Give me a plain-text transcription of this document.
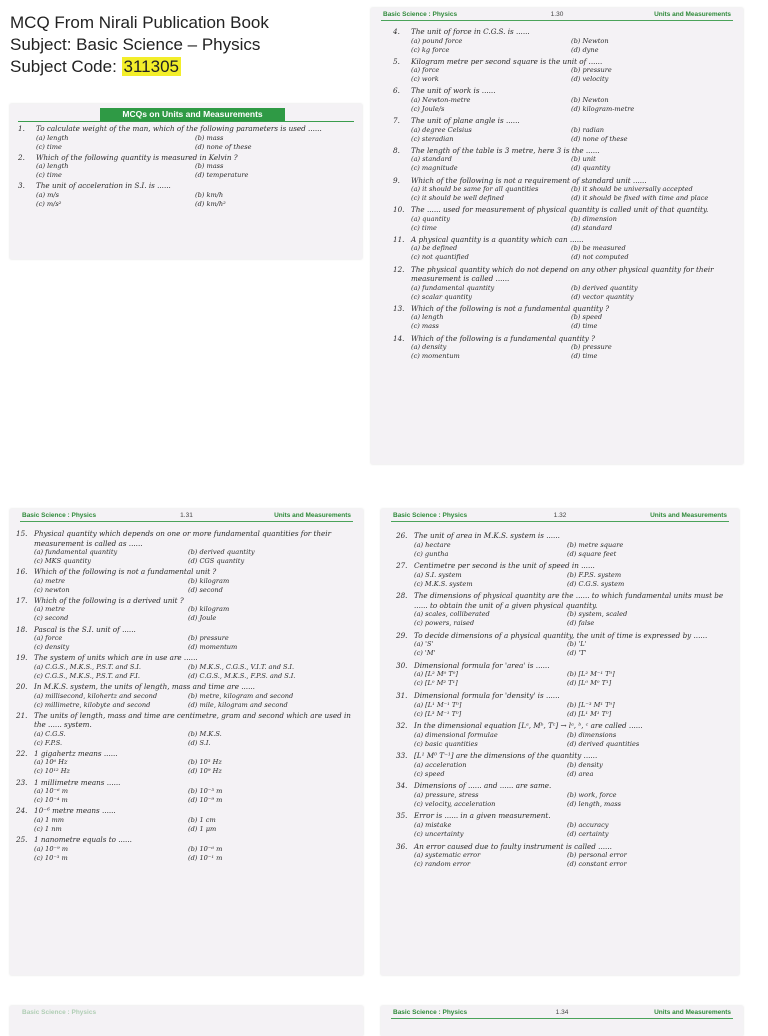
MCQ From Nirali Publication Book
Subject: Basic Science – Physics
Subject Code: 311305
MCQs on Units and Measurements
1. To calculate weight of the man, which of the following parameters is used ......
(a) length	(b) mass
(c) time	(d) none of these
2. Which of the following quantity is measured in Kelvin ?
(a) length	(b) mass
(c) time	(d) temperature
3. The unit of acceleration in S.I. is ......
(a) m/s	(b) km/h
(c) m/s²	(d) km/h²
Basic Science : Physics	1.30	Units and Measurements
4. The unit of force in C.G.S. is ......
(a) pound force	(b) Newton
(c) kg force	(d) dyne
5. Kilogram metre per second square is the unit of ......
(a) force	(b) pressure
(c) work	(d) velocity
6. The unit of work is ......
(a) Newton-metre	(b) Newton
(c) Joule/s	(d) kilogram-metre
7. The unit of plane angle is ......
(a) degree Celsius	(b) radian
(c) steradian	(d) none of these
8. The length of the table is 3 metre, here 3 is the ......
(a) standard	(b) unit
(c) magnitude	(d) quantity
9. Which of the following is not a requirement of standard unit ......
(a) it should be same for all quantities	(b) it should be universally accepted
(c) it should be well defined	(d) it should be fixed with time and place
10. The ...... used for measurement of physical quantity is called unit of that quantity.
(a) quantity	(b) dimension
(c) time	(d) standard
11. A physical quantity is a quantity which can ......
(a) be defined	(b) be measured
(c) not quantified	(d) not computed
12. The physical quantity which do not depend on any other physical quantity for their measurement is called ......
(a) fundamental quantity	(b) derived quantity
(c) scalar quantity	(d) vector quantity
13. Which of the following is not a fundamental quantity ?
(a) length	(b) speed
(c) mass	(d) time
14. Which of the following is a fundamental quantity ?
(a) density	(b) pressure
(c) momentum	(d) time
Basic Science : Physics	1.31	Units and Measurements
15. Physical quantity which depends on one or more fundamental quantities for their measurement is called as ......
(a) fundamental quantity	(b) derived quantity
(c) MKS quantity	(d) CGS quantity
16. Which of the following is not a fundamental unit ?
(a) metre	(b) kilogram
(c) newton	(d) second
17. Which of the following is a derived unit ?
(a) metre	(b) kilogram
(c) second	(d) Joule
18. Pascal is the S.I. unit of ......
(a) force	(b) pressure
(c) density	(d) momentum
19. The system of units which are in use are ......
(a) C.G.S., M.K.S., P.S.T. and S.I.	(b) M.K.S., C.G.S., V.I.T. and S.I.
(c) C.G.S., M.K.S., P.S.T. and F.I.	(d) C.G.S., M.K.S., F.P.S. and S.I.
20. In M.K.S. system, the units of length, mass and time are ......
(a) millisecond, kilohertz and second	(b) metre, kilogram and second
(c) millimetre, kilobyte and second	(d) mile, kilogram and second
21. The units of length, mass and time are centimetre, gram and second which are used in the ...... system.
(a) C.G.S.	(b) M.K.S.
(c) F.P.S.	(d) S.I.
22. 1 gigahertz means ......
(a) 10⁶ Hz	(b) 10³ Hz
(c) 10¹² Hz	(d) 10⁹ Hz
23. 1 millimetre means ......
(a) 10⁻⁶ m	(b) 10⁻³ m
(c) 10⁻⁴ m	(d) 10⁻⁹ m
24. 10⁻⁶ metre means ......
(a) 1 mm	(b) 1 cm
(c) 1 nm	(d) 1 μm
25. 1 nanometre equals to ......
(a) 10⁻⁹ m	(b) 10⁻⁶ m
(c) 10⁻³ m	(d) 10⁻¹ m
Basic Science : Physics	1.32	Units and Measurements
26. The unit of area in M.K.S. system is ......
(a) hectare	(b) metre square
(c) guntha	(d) square feet
27. Centimetre per second is the unit of speed in ......
(a) S.I. system	(b) F.P.S. system
(c) M.K.S. system	(d) C.G.S. system
28. The dimensions of physical quantity are the ...... to which fundamental units must be ...... to obtain the unit of a given physical quantity.
(a) scales, colliberated	(b) system, scaled
(c) powers, raised	(d) false
29. To decide dimensions of a physical quantity, the unit of time is expressed by ......
(a) 'S'	(b) 'L'
(c) 'M'	(d) 'T'
30. Dimensional formula for 'area' is ......
(a) [L² M⁰ T⁰]	(b) [L² M⁻¹ T⁰]
(c) [L⁰ M² T¹]	(d) [L⁰ M⁰ T¹]
31. Dimensional formula for 'density' is ......
(a) [L¹ M⁻¹ T⁰]	(b) [L⁻³ M¹ T⁰]
(c) [L³ M⁻¹ T⁰]	(d) [L¹ M¹ T⁰]
32. In the dimensional equation [Lᵃ, Mᵇ, Tᶜ] → lᵃ, ᵇ, ᶜ are called ......
(a) dimensional formulae	(b) dimensions
(c) basic quantities	(d) derived quantities
33. [L¹ M⁰ T⁻¹] are the dimensions of the quantity ......
(a) acceleration	(b) density
(c) speed	(d) area
34. Dimensions of ...... and ...... are same.
(a) pressure, stress	(b) work, force
(c) velocity, acceleration	(d) length, mass
35. Error is ...... in a given measurement.
(a) mistake	(b) accuracy
(c) uncertainty	(d) certainty
36. An error caused due to faulty instrument is called ......
(a) systematic error	(b) personal error
(c) random error	(d) constant error
Basic Science : Physics	Basic Science : Physics	1.34	Units and Measurements
